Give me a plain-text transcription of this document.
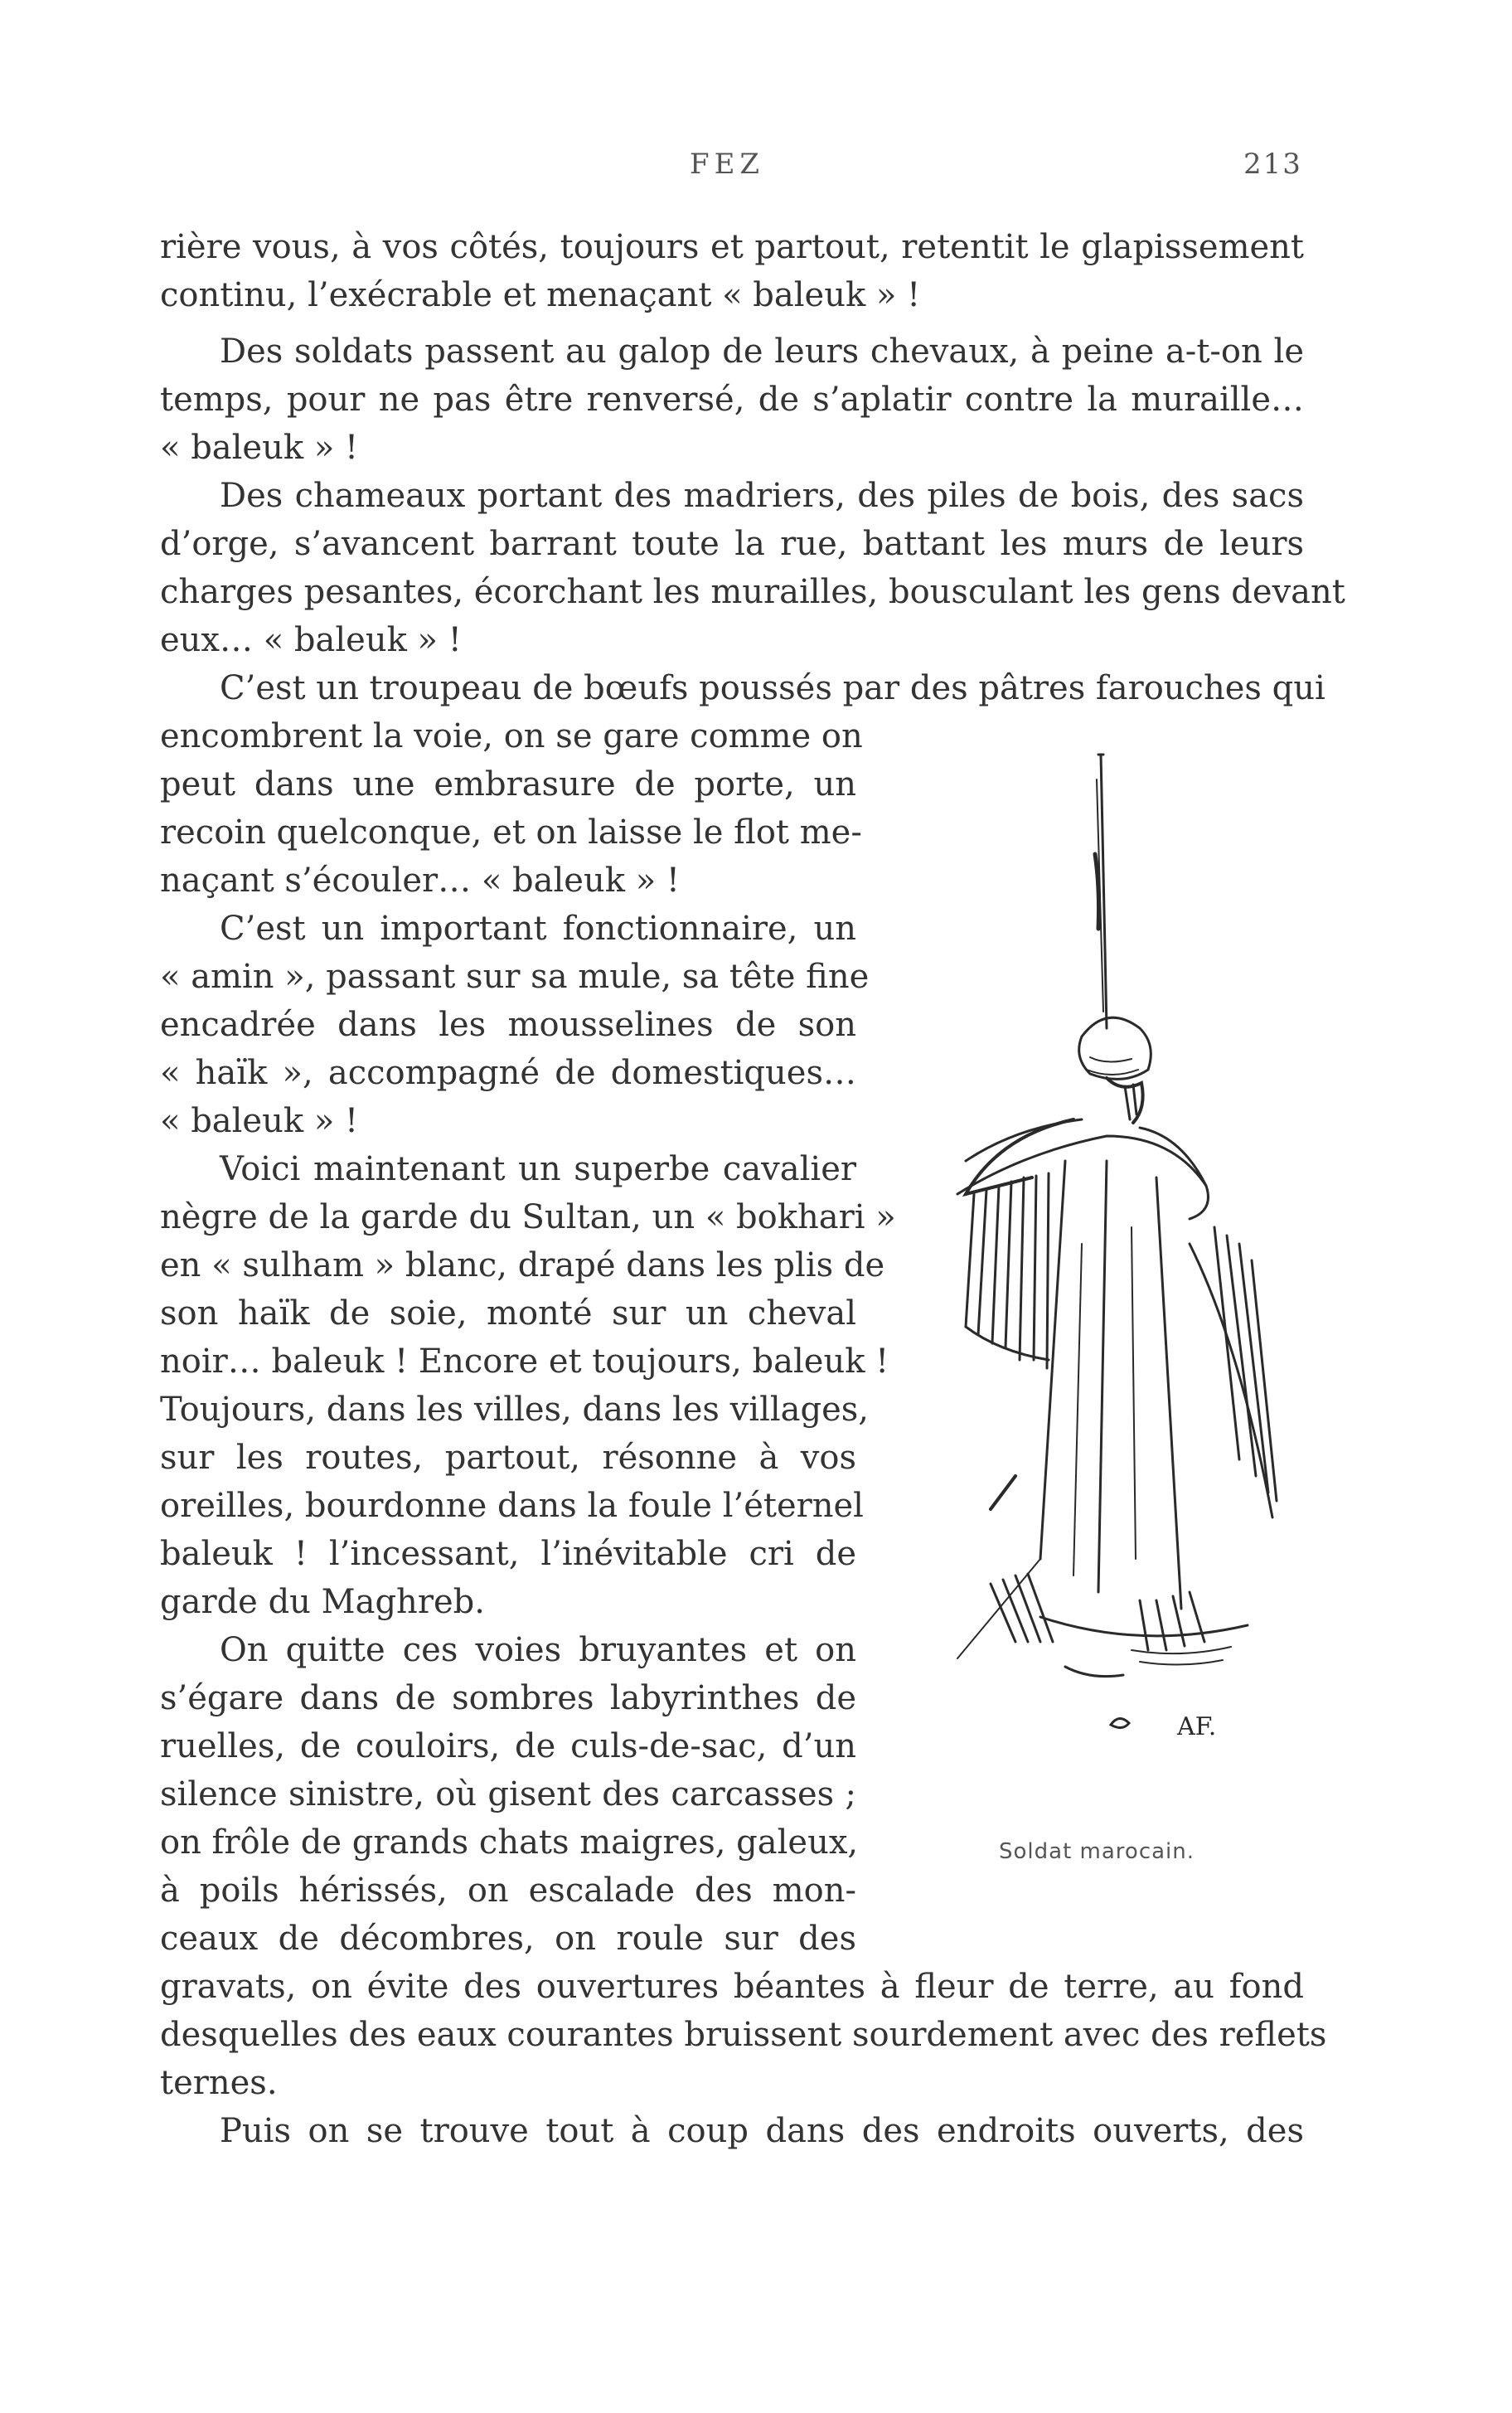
FEZ	213

rière vous, à vos côtés, toujours et partout, retentit le glapissement

continu, l’exécrable et menaçant « baleuk » !

Des soldats passent au galop de leurs chevaux, à peine a-t-on le

temps, pour ne pas être renversé, de s’aplatir contre la muraille…

« baleuk » !

Des chameaux portant des madriers, des piles de bois, des sacs

d’orge, s’avancent barrant toute la rue, battant les murs de leurs

charges pesantes, écorchant les murailles, bousculant les gens devant

eux… « baleuk » !

C’est un troupeau de bœufs poussés par des pâtres farouches qui

encombrent la voie, on se gare comme on

peut dans une embrasure de porte, un

recoin quelconque, et on laisse le flot me-

naçant s’écouler… « baleuk » !

C’est un important fonctionnaire, un

« amin », passant sur sa mule, sa tête fine

encadrée dans les mousselines de son

« haïk », accompagné de domestiques…

« baleuk » !

Voici maintenant un superbe cavalier

nègre de la garde du Sultan, un « bokhari »

en « sulham » blanc, drapé dans les plis de

son haïk de soie, monté sur un cheval

noir… baleuk ! Encore et toujours, baleuk !

Toujours, dans les villes, dans les villages,

sur les routes, partout, résonne à vos

oreilles, bourdonne dans la foule l’éternel

baleuk ! l’incessant, l’inévitable cri de

garde du Maghreb.

On quitte ces voies bruyantes et on

s’égare dans de sombres labyrinthes de

ruelles, de couloirs, de culs-de-sac, d’un

silence sinistre, où gisent des carcasses ;

on frôle de grands chats maigres, galeux,

à poils hérissés, on escalade des mon-

ceaux de décombres, on roule sur des

gravats, on évite des ouvertures béantes à fleur de terre, au fond

desquelles des eaux courantes bruissent sourdement avec des reflets

ternes.

Puis on se trouve tout à coup dans des endroits ouverts, des

AF.
Soldat marocain.
